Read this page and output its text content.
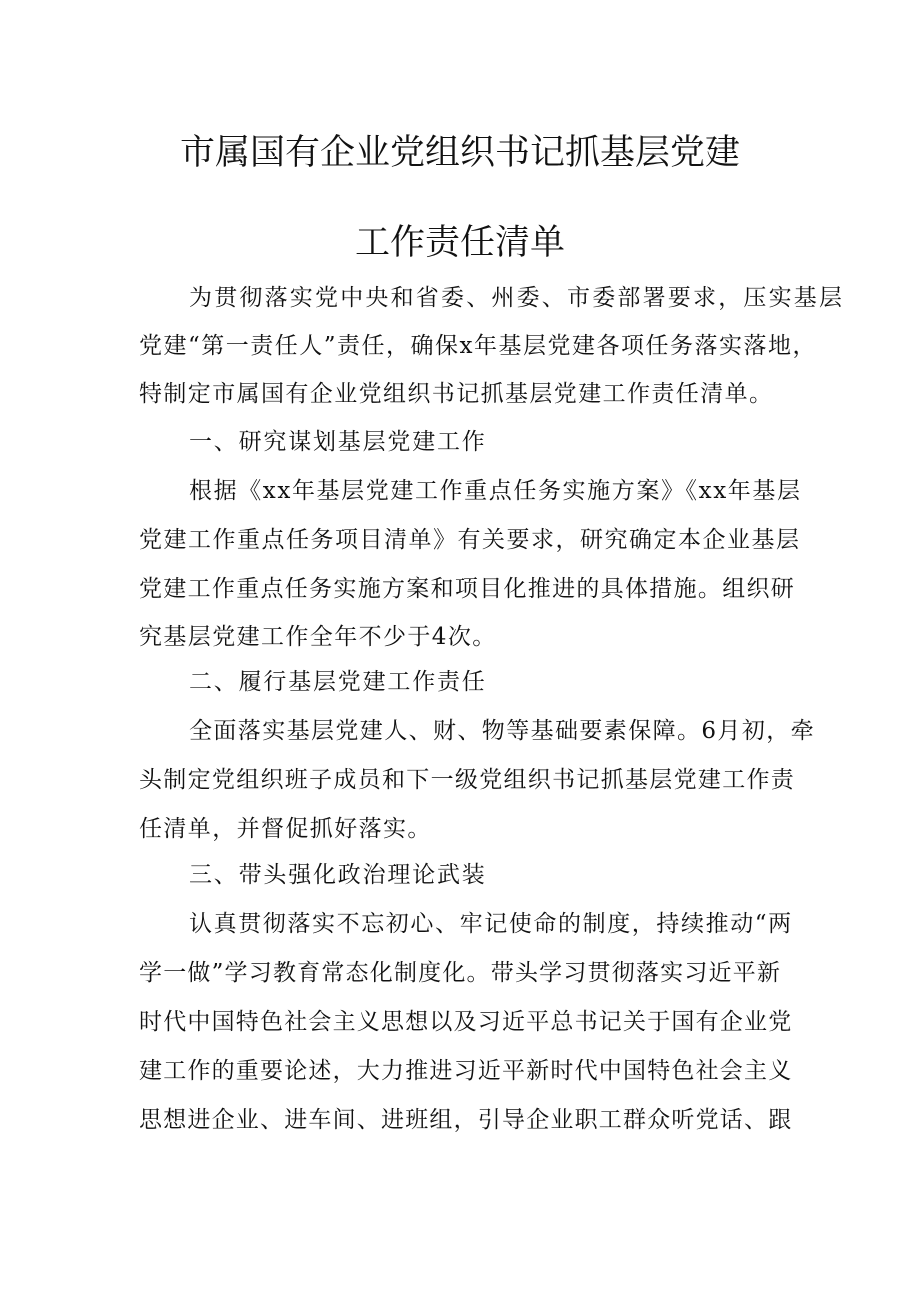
市属国有企业党组织书记抓基层党建
工作责任清单
为贯彻落实党中央和省委、州委、市委部署要求，压实基层
党建“第一责任人”责任，确保x年基层党建各项任务落实落地，
特制定市属国有企业党组织书记抓基层党建工作责任清单。
一、研究谋划基层党建工作
根据《xx年基层党建工作重点任务实施方案》《xx年基层
党建工作重点任务项目清单》有关要求，研究确定本企业基层
党建工作重点任务实施方案和项目化推进的具体措施。组织研
究基层党建工作全年不少于4次。
二、履行基层党建工作责任
全面落实基层党建人、财、物等基础要素保障。6月初，牵
头制定党组织班子成员和下一级党组织书记抓基层党建工作责
任清单，并督促抓好落实。
三、带头强化政治理论武装
认真贯彻落实不忘初心、牢记使命的制度，持续推动“两
学一做”学习教育常态化制度化。带头学习贯彻落实习近平新
时代中国特色社会主义思想以及习近平总书记关于国有企业党
建工作的重要论述，大力推进习近平新时代中国特色社会主义
思想进企业、进车间、进班组，引导企业职工群众听党话、跟
